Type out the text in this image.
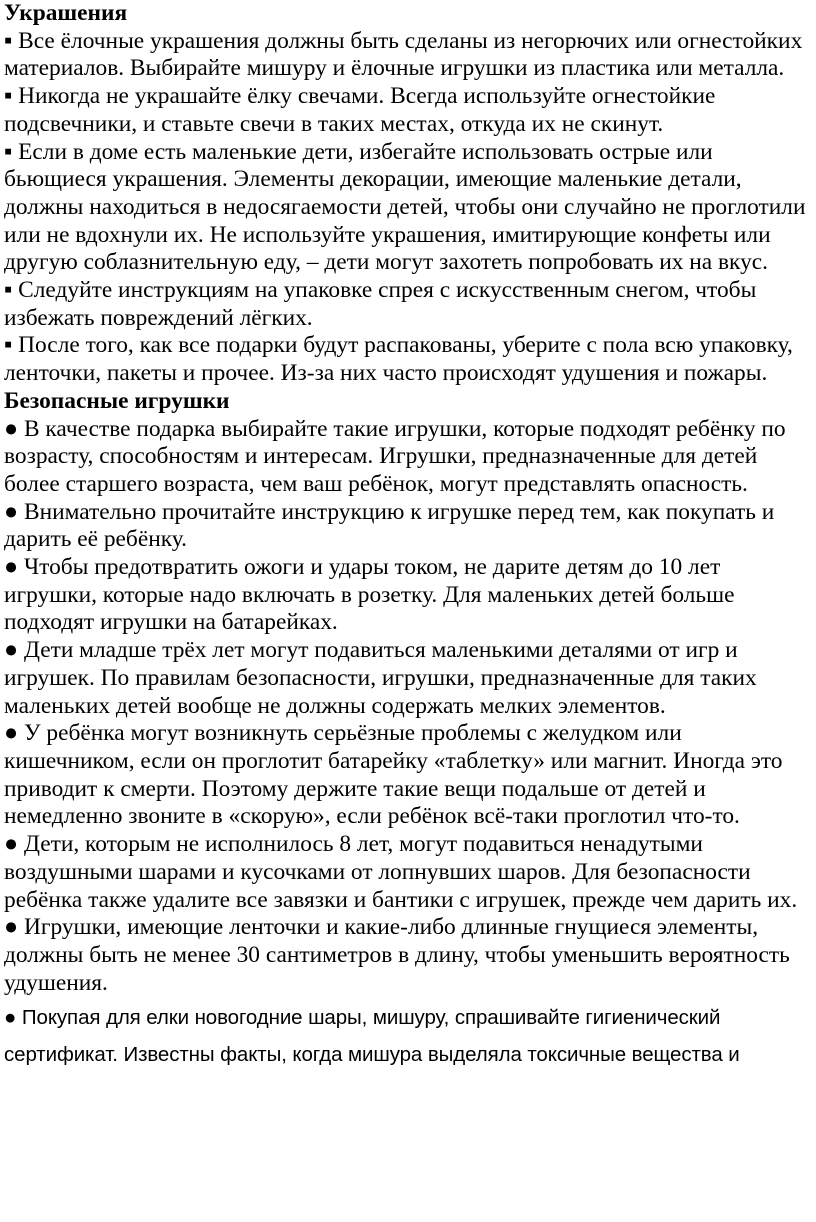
Украшения

▪ Все ёлочные украшения должны быть сделаны из негорючих или огнестойких материалов. Выбирайте мишуру и ёлочные игрушки из пластика или металла.

▪ Никогда не украшайте ёлку свечами. Всегда используйте огнестойкие подсвечники, и ставьте свечи в таких местах, откуда их не скинут.

▪ Если в доме есть маленькие дети, избегайте использовать острые или бьющиеся украшения. Элементы декорации, имеющие маленькие детали, должны находиться в недосягаемости детей, чтобы они случайно не проглотили или не вдохнули их. Не используйте украшения, имитирующие конфеты или другую соблазнительную еду, – дети могут захотеть попробовать их на вкус.

▪ Следуйте инструкциям на упаковке спрея с искусственным снегом, чтобы избежать повреждений лёгких.

▪ После того, как все подарки будут распакованы, уберите с пола всю упаковку, ленточки, пакеты и прочее. Из-за них часто происходят удушения и пожары.

Безопасные игрушки

● В качестве подарка выбирайте такие игрушки, которые подходят ребёнку по возрасту, способностям и интересам. Игрушки, предназначенные для детей более старшего возраста, чем ваш ребёнок, могут представлять опасность.

● Внимательно прочитайте инструкцию к игрушке перед тем, как покупать и дарить её ребёнку.

● Чтобы предотвратить ожоги и удары током, не дарите детям до 10 лет игрушки, которые надо включать в розетку. Для маленьких детей больше подходят игрушки на батарейках.

● Дети младше трёх лет могут подавиться маленькими деталями от игр и игрушек. По правилам безопасности, игрушки, предназначенные для таких маленьких детей вообще не должны содержать мелких элементов.

● У ребёнка могут возникнуть серьёзные проблемы с желудком или кишечником, если он проглотит батарейку «таблетку» или магнит. Иногда это приводит к смерти. Поэтому держите такие вещи подальше от детей и немедленно звоните в «скорую», если ребёнок всё-таки проглотил что-то.

● Дети, которым не исполнилось 8 лет, могут подавиться ненадутыми воздушными шарами и кусочками от лопнувших шаров. Для безопасности ребёнка также удалите все завязки и бантики с игрушек, прежде чем дарить их.

● Игрушки, имеющие ленточки и какие-либо длинные гнущиеся элементы, должны быть не менее 30 сантиметров в длину, чтобы уменьшить вероятность удушения.

● Покупая для елки новогодние шары, мишуру, спрашивайте гигиенический сертификат. Известны факты, когда мишура выделяла токсичные вещества и
